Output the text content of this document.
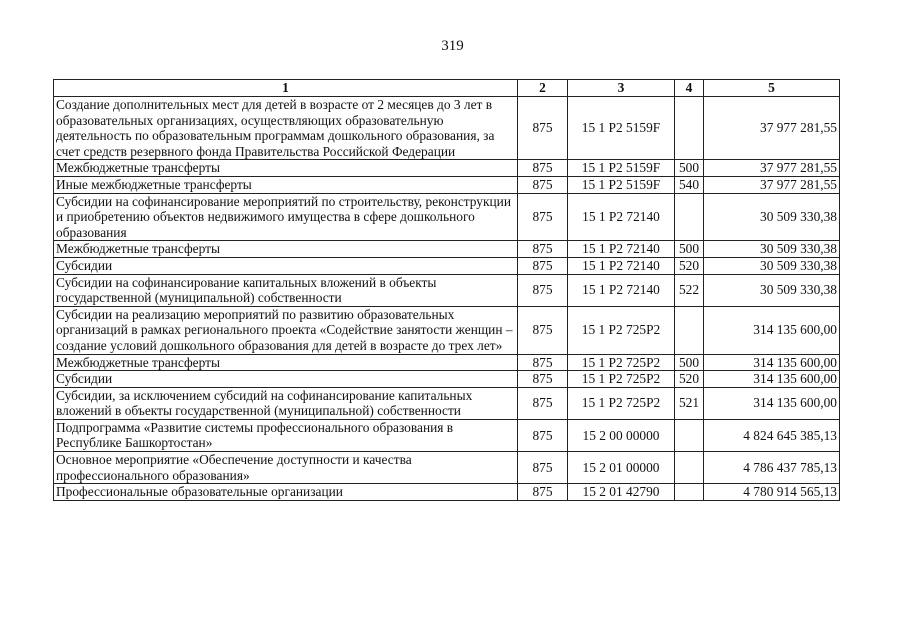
319
1	2	3	4	5
Создание дополнительных мест для детей в возрасте от 2 месяцев до 3 лет в образовательных организациях, осуществляющих образовательную деятельность по образовательным программам дошкольного образования, за счет средств резервного фонда Правительства Российской Федерации	875	15 1 P2 5159F		37 977 281,55
Межбюджетные трансферты	875	15 1 P2 5159F	500	37 977 281,55
Иные межбюджетные трансферты	875	15 1 P2 5159F	540	37 977 281,55
Субсидии на софинансирование мероприятий по строительству, реконструкции и приобретению объектов недвижимого имущества в сфере дошкольного образования	875	15 1 P2 72140		30 509 330,38
Межбюджетные трансферты	875	15 1 P2 72140	500	30 509 330,38
Субсидии	875	15 1 P2 72140	520	30 509 330,38
Субсидии на софинансирование капитальных вложений в объекты государственной (муниципальной) собственности	875	15 1 P2 72140	522	30 509 330,38
Субсидии на реализацию мероприятий по развитию образовательных организаций в рамках регионального проекта «Содействие занятости женщин – создание условий дошкольного образования для детей в возрасте до трех лет»	875	15 1 P2 725P2		314 135 600,00
Межбюджетные трансферты	875	15 1 P2 725P2	500	314 135 600,00
Субсидии	875	15 1 P2 725P2	520	314 135 600,00
Субсидии, за исключением субсидий на софинансирование капитальных вложений в объекты государственной (муниципальной) собственности	875	15 1 P2 725P2	521	314 135 600,00
Подпрограмма «Развитие системы профессионального образования в Республике Башкортостан»	875	15 2 00 00000		4 824 645 385,13
Основное мероприятие «Обеспечение доступности и качества профессионального образования»	875	15 2 01 00000		4 786 437 785,13
Профессиональные образовательные организации	875	15 2 01 42790		4 780 914 565,13
